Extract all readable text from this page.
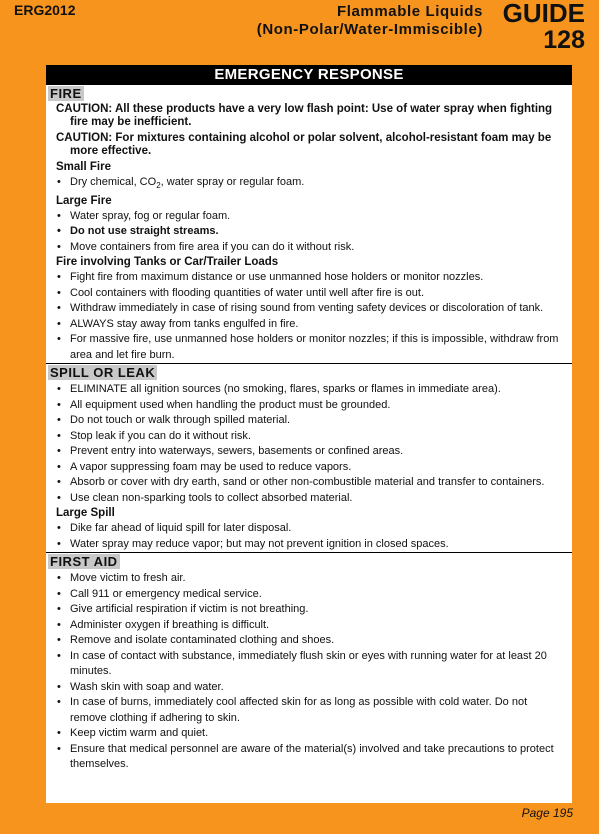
ERG2012	Flammable Liquids
(Non-Polar/Water-Immiscible)
GUIDE
128
EMERGENCY RESPONSE
FIRE
CAUTION: All these products have a very low flash point: Use of water spray when fighting fire may be inefficient.
CAUTION: For mixtures containing alcohol or polar solvent, alcohol-resistant foam may be more effective.
Small Fire
• Dry chemical, $CO_2$, water spray or regular foam.
Large Fire
• Water spray, fog or regular foam.
• Do not use straight streams.
• Move containers from fire area if you can do it without risk.
Fire involving Tanks or Car/Trailer Loads
• Fight fire from maximum distance or use unmanned hose holders or monitor nozzles.
• Cool containers with flooding quantities of water until well after fire is out.
• Withdraw immediately in case of rising sound from venting safety devices or discoloration of tank.
• ALWAYS stay away from tanks engulfed in fire.
• For massive fire, use unmanned hose holders or monitor nozzles; if this is impossible, withdraw from area and let fire burn.
SPILL OR LEAK
• ELIMINATE all ignition sources (no smoking, flares, sparks or flames in immediate area).
• All equipment used when handling the product must be grounded.
• Do not touch or walk through spilled material.
• Stop leak if you can do it without risk.
• Prevent entry into waterways, sewers, basements or confined areas.
• A vapor suppressing foam may be used to reduce vapors.
• Absorb or cover with dry earth, sand or other non-combustible material and transfer to containers.
• Use clean non-sparking tools to collect absorbed material.
Large Spill
• Dike far ahead of liquid spill for later disposal.
• Water spray may reduce vapor; but may not prevent ignition in closed spaces.
FIRST AID
• Move victim to fresh air.
• Call 911 or emergency medical service.
• Give artificial respiration if victim is not breathing.
• Administer oxygen if breathing is difficult.
• Remove and isolate contaminated clothing and shoes.
• In case of contact with substance, immediately flush skin or eyes with running water for at least 20 minutes.
• Wash skin with soap and water.
• In case of burns, immediately cool affected skin for as long as possible with cold water. Do not remove clothing if adhering to skin.
• Keep victim warm and quiet.
• Ensure that medical personnel are aware of the material(s) involved and take precautions to protect themselves.
Page 195
